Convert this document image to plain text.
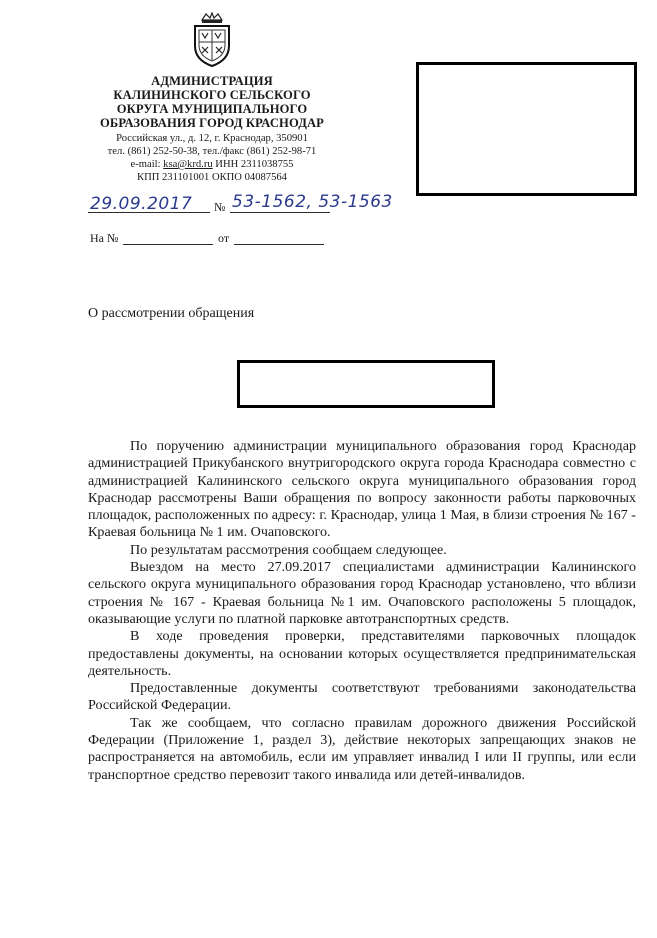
АДМИНИСТРАЦИЯ
КАЛИНИНСКОГО СЕЛЬСКОГО
ОКРУГА МУНИЦИПАЛЬНОГО
ОБРАЗОВАНИЯ ГОРОД КРАСНОДАР
Российская ул., д. 12, г. Краснодар, 350901
тел. (861) 252-50-38, тел./факс (861) 252-98-71
e-mail: ksa@krd.ru ИНН 2311038755
КПП 231101001 ОКПО 04087564
29.09.2017 № 53-1562, 53-1563
На №	от
О рассмотрении обращения

По поручению администрации муниципального образования город Краснодар администрацией Прикубанского внутригородского округа города Краснодара совместно с администрацией Калининского сельского округа муниципального образования город Краснодар рассмотрены Ваши обращения по вопросу законности работы парковочных площадок, расположенных по адресу: г. Краснодар, улица 1 Мая, в близи строения № 167 - Краевая больница № 1 им. Очаповского.

По результатам рассмотрения сообщаем следующее.

Выездом на место 27.09.2017 специалистами администрации Калининского сельского округа муниципального образования город Краснодар установлено, что вблизи строения № 167 - Краевая больница №1 им. Очаповского расположены 5 площадок, оказывающие услуги по платной парковке автотранспортных средств.

В ходе проведения проверки, представителями парковочных площадок предоставлены документы, на основании которых осуществляется предпринимательская деятельность.

Предоставленные документы соответствуют требованиями законодательства Российской Федерации.

Так же сообщаем, что согласно правилам дорожного движения Российской Федерации (Приложение 1, раздел 3), действие некоторых запрещающих знаков не распространяется на автомобиль, если им управляет инвалид I или II группы, или если транспортное средство перевозит такого инвалида или детей-инвалидов.
